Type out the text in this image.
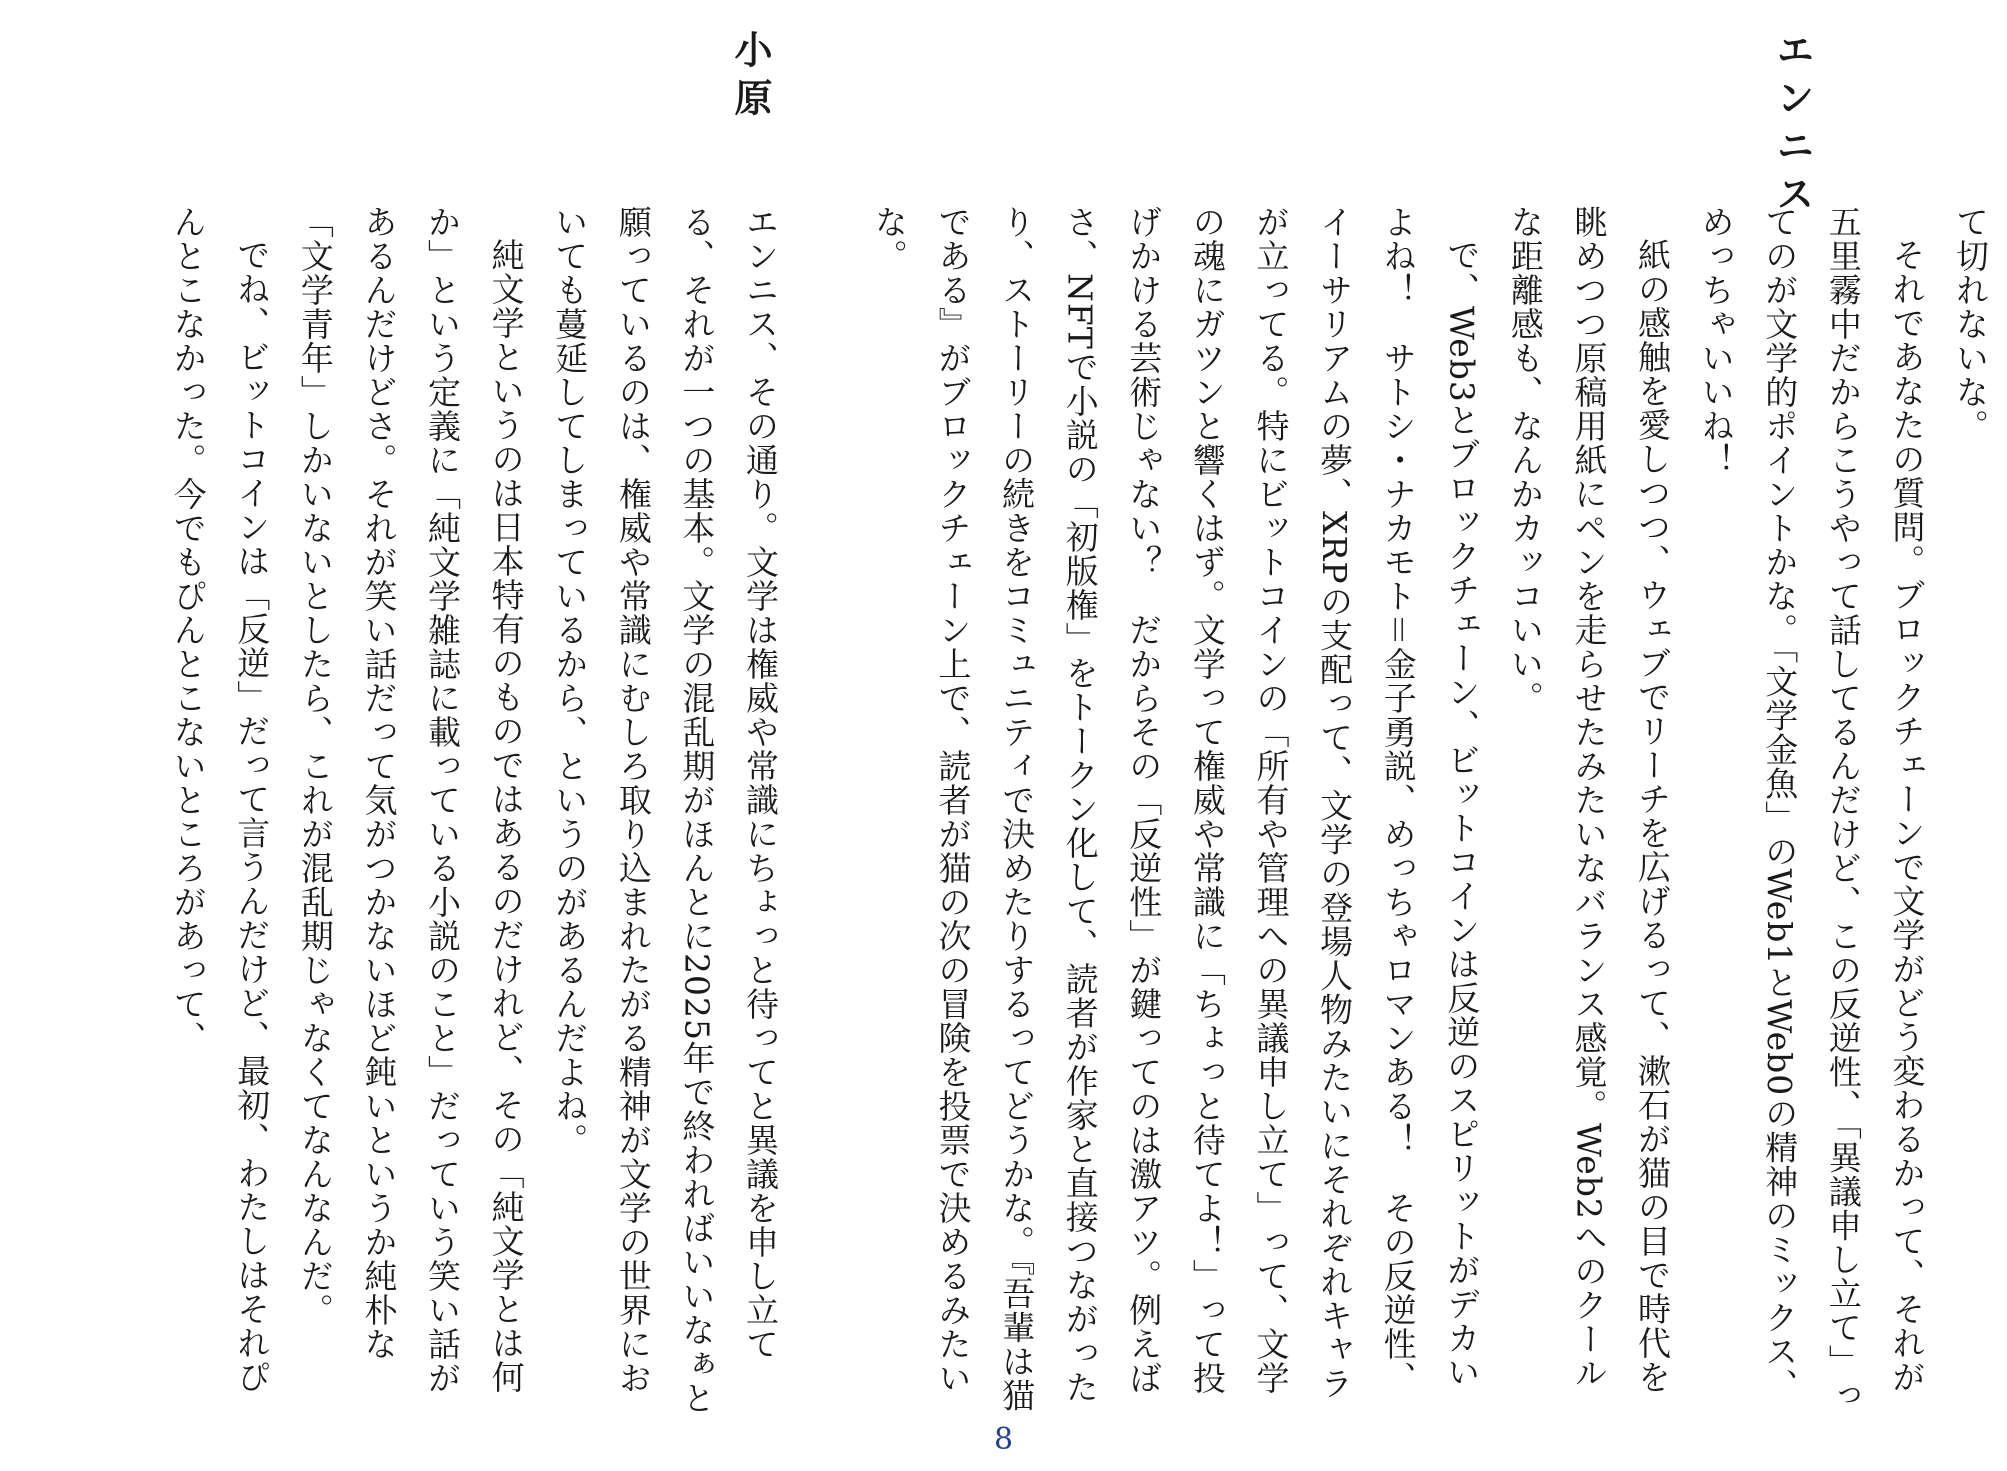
エンニス

て切れないな。

それであなたの質問。ブロックチェーンで文学がどう変わるかって、それが五里霧中だからこうやって話してるんだけど、この反逆性、「異議申し立て」ってのが文学的ポイントかな。「文学金魚」のWeb1とWeb0の精神のミックス、めっちゃいいね！

紙の感触を愛しつつ、ウェブでリーチを広げるって、漱石が猫の目で時代を眺めつつ原稿用紙にペンを走らせたみたいなバランス感覚。Web2へのクールな距離感も、なんかカッコいい。

で、Web3とブロックチェーン、ビットコインは反逆のスピリットがデカいよね！　サトシ・ナカモト＝金子勇説、めっちゃロマンある！　その反逆性、イーサリアムの夢、XRPの支配って、文学の登場人物みたいにそれぞれキャラが立ってる。特にビットコインの「所有や管理への異議申し立て」って、文学の魂にガツンと響くはず。文学って権威や常識に「ちょっと待てよ！」って投げかける芸術じゃない？　だからその「反逆性」が鍵ってのは激アツ。例えばさ、NFTで小説の「初版権」をトークン化して、読者が作家と直接つながったり、ストーリーの続きをコミュニティで決めたりするってどうかな。『吾輩は猫である』がブロックチェーン上で、読者が猫の次の冒険を投票で決めるみたいな。

小原

エンニス、その通り。文学は権威や常識にちょっと待ってと異議を申し立てる、それが一つの基本。文学の混乱期がほんとに2025年で終わればいいなぁと願っているのは、権威や常識にむしろ取り込まれたがる精神が文学の世界においても蔓延してしまっているから、というのがあるんだよね。

純文学というのは日本特有のものではあるのだけれど、その「純文学とは何か」という定義に「純文学雑誌に載っている小説のこと」だっていう笑い話があるんだけどさ。それが笑い話だって気がつかないほど鈍いというか純朴な「文学青年」しかいないとしたら、これが混乱期じゃなくてなんなんだ。

でね、ビットコインは「反逆」だって言うんだけど、最初、わたしはそれぴんとこなかった。今でもぴんとこないところがあって、

8
